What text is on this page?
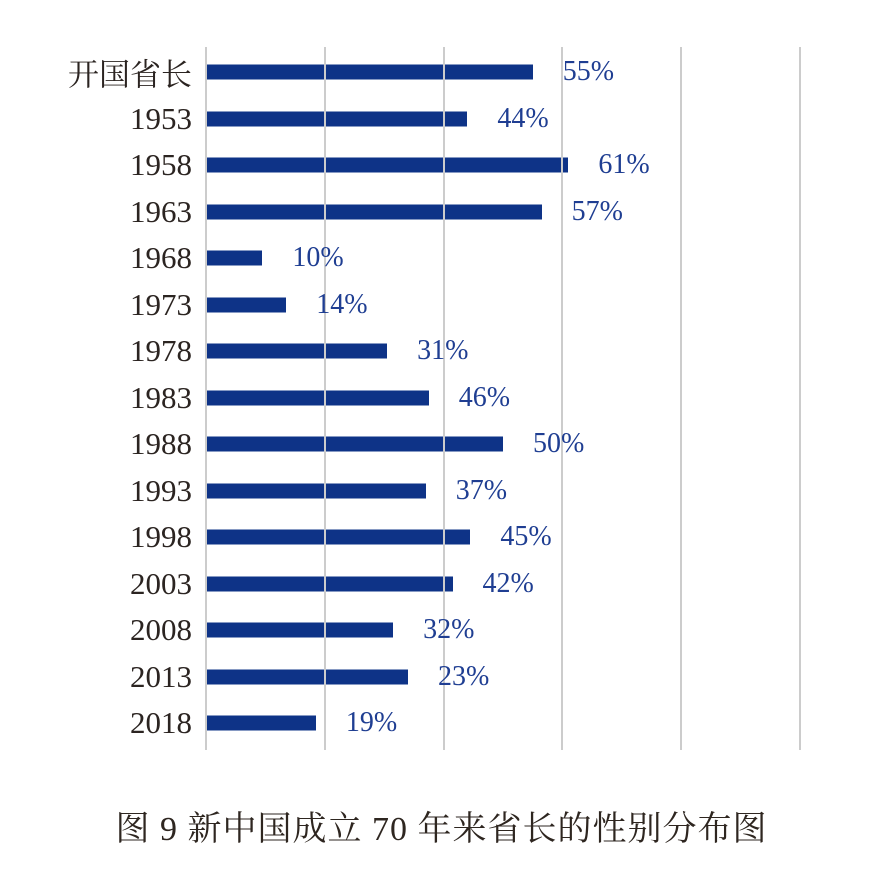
开国省长	55%
1953	44%
1958	61%
1963	57%
1968	10%
1973	14%
1978	31%
1983	46%
1988	50%
1993	37%
1998	45%
2003	42%
2008	32%
2013	23%
2018	19%
图 9 新中国成立 70 年来省长的性别分布图
